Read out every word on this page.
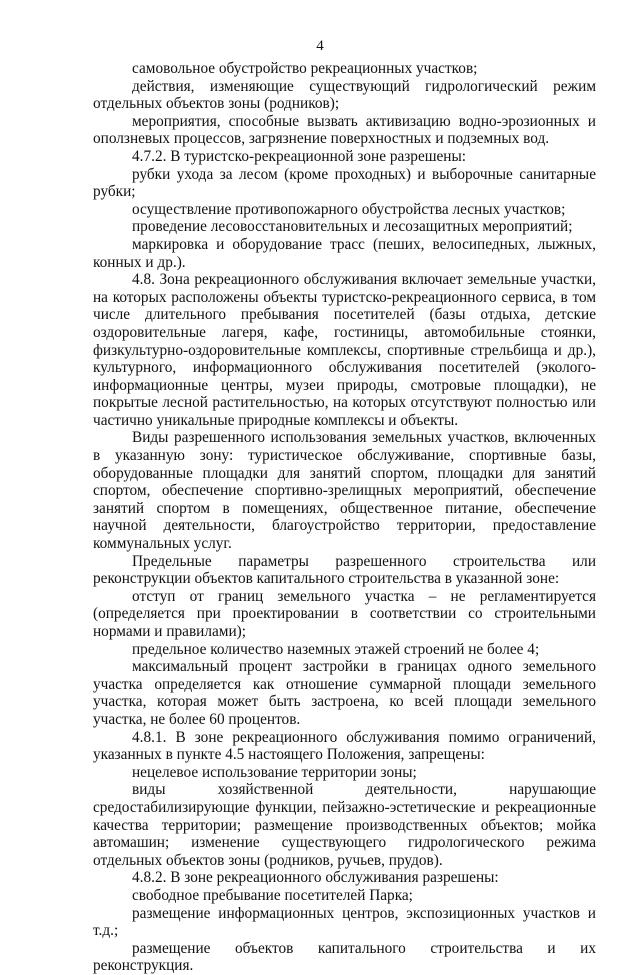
4

самовольное обустройство рекреационных участков;

действия, изменяющие существующий гидрологический режим отдельных объектов зоны (родников);

мероприятия, способные вызвать активизацию водно-эрозионных и оползневых процессов, загрязнение поверхностных и подземных вод.

4.7.2. В туристско-рекреационной зоне разрешены:

рубки ухода за лесом (кроме проходных) и выборочные санитарные рубки;

осуществление противопожарного обустройства лесных участков;

проведение лесовосстановительных и лесозащитных мероприятий;

маркировка и оборудование трасс (пеших, велосипедных, лыжных, конных и др.).

4.8. Зона рекреационного обслуживания включает земельные участки, на которых расположены объекты туристско-рекреационного сервиса, в том числе длительного пребывания посетителей (базы отдыха, детские оздоровительные лагеря, кафе, гостиницы, автомобильные стоянки, физкультурно-оздоровительные комплексы, спортивные стрельбища и др.), культурного, информационного обслуживания посетителей (эколого-информационные центры, музеи природы, смотровые площадки), не покрытые лесной растительностью, на которых отсутствуют полностью или частично уникальные природные комплексы и объекты.

Виды разрешенного использования земельных участков, включенных в указанную зону: туристическое обслуживание, спортивные базы, оборудованные площадки для занятий спортом, площадки для занятий спортом, обеспечение спортивно-зрелищных мероприятий, обеспечение занятий спортом в помещениях, общественное питание, обеспечение научной деятельности, благоустройство территории, предоставление коммунальных услуг.

Предельные параметры разрешенного строительства или реконструкции объектов капитального строительства в указанной зоне:

отступ от границ земельного участка – не регламентируется (определяется при проектировании в соответствии со строительными нормами и правилами);

предельное количество наземных этажей строений не более 4;

максимальный процент застройки в границах одного земельного участка определяется как отношение суммарной площади земельного участка, которая может быть застроена, ко всей площади земельного участка, не более 60 процентов.

4.8.1. В зоне рекреационного обслуживания помимо ограничений, указанных в пункте 4.5 настоящего Положения, запрещены:

нецелевое использование территории зоны;

виды хозяйственной деятельности, нарушающие средостабилизирующие функции, пейзажно-эстетические и рекреационные качества территории; размещение производственных объектов; мойка автомашин; изменение существующего гидрологического режима отдельных объектов зоны (родников, ручьев, прудов).

4.8.2. В зоне рекреационного обслуживания разрешены:

свободное пребывание посетителей Парка;

размещение информационных центров, экспозиционных участков и т.д.;

размещение объектов капитального строительства и их реконструкция.
